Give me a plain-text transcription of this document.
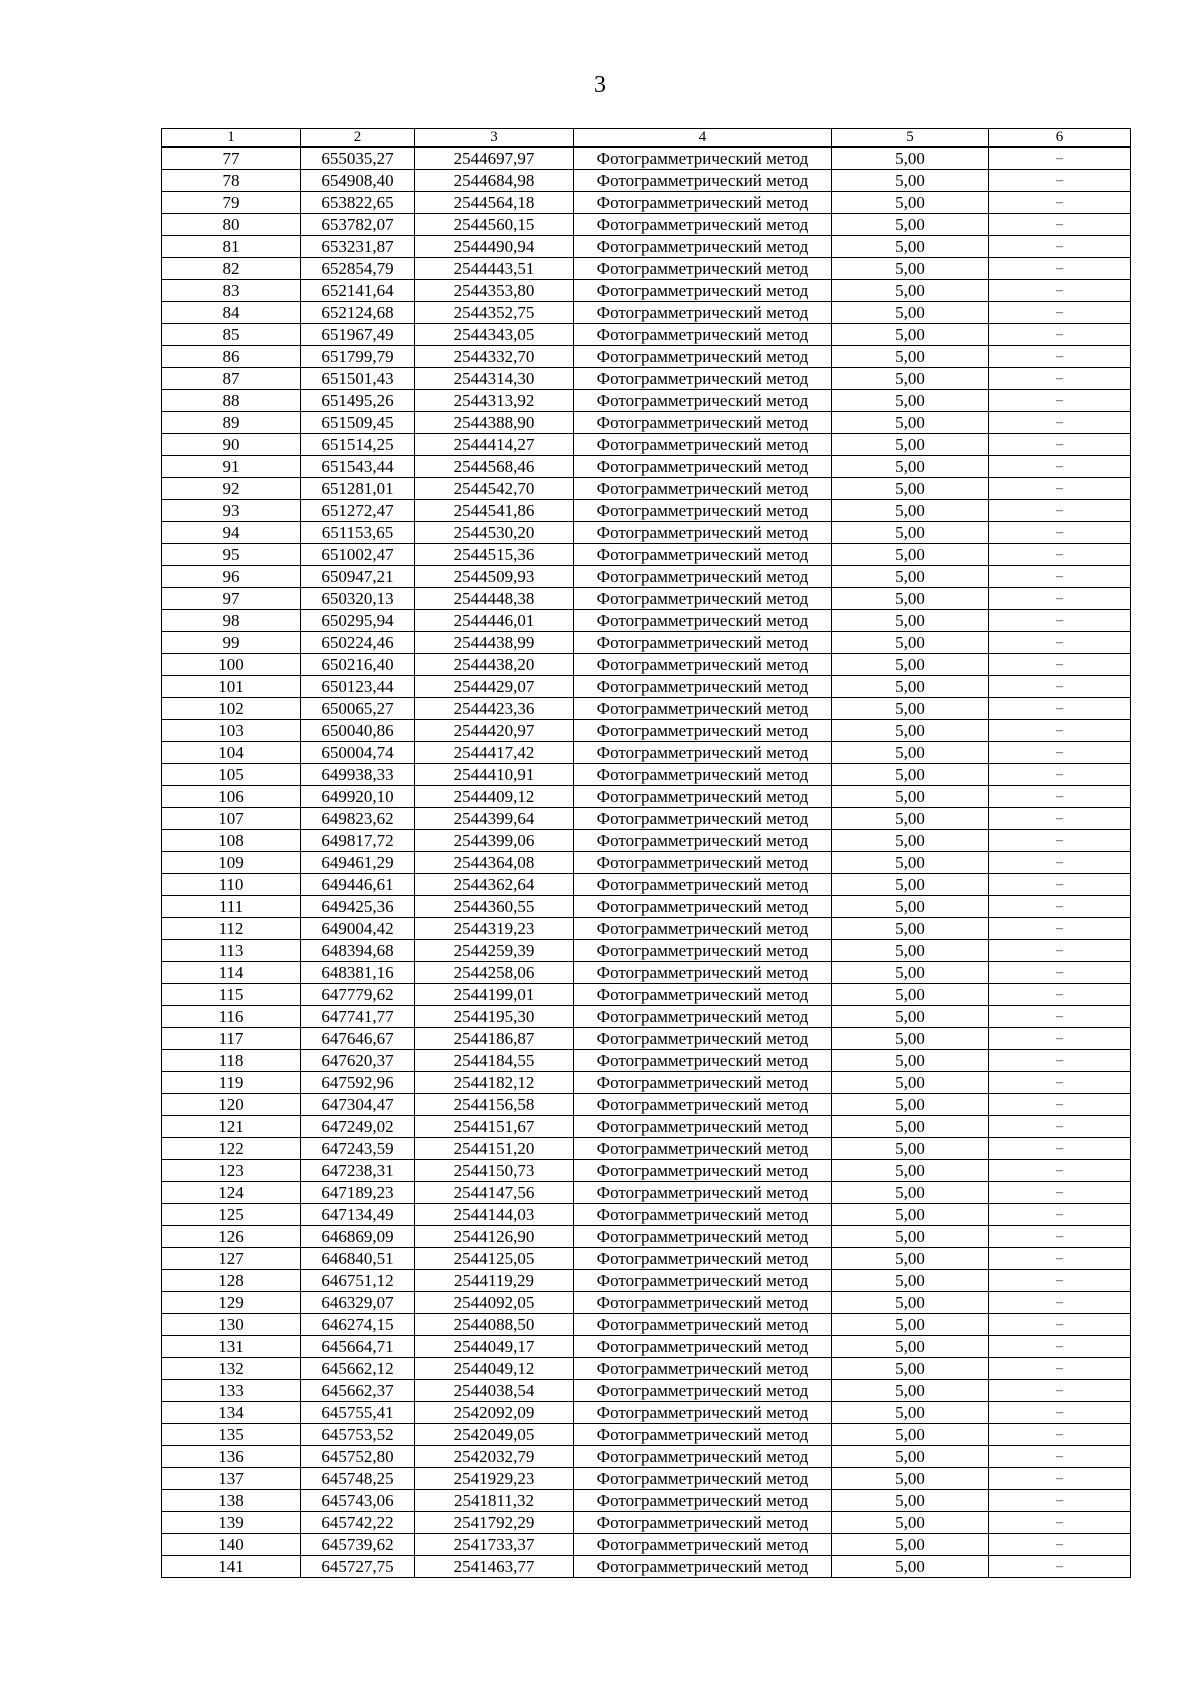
3
1	2	3	4	5	6
77	655035,27	2544697,97	Фотограмметрический метод	5,00	–
78	654908,40	2544684,98	Фотограмметрический метод	5,00	–
79	653822,65	2544564,18	Фотограмметрический метод	5,00	–
80	653782,07	2544560,15	Фотограмметрический метод	5,00	–
81	653231,87	2544490,94	Фотограмметрический метод	5,00	–
82	652854,79	2544443,51	Фотограмметрический метод	5,00	–
83	652141,64	2544353,80	Фотограмметрический метод	5,00	–
84	652124,68	2544352,75	Фотограмметрический метод	5,00	–
85	651967,49	2544343,05	Фотограмметрический метод	5,00	–
86	651799,79	2544332,70	Фотограмметрический метод	5,00	–
87	651501,43	2544314,30	Фотограмметрический метод	5,00	–
88	651495,26	2544313,92	Фотограмметрический метод	5,00	–
89	651509,45	2544388,90	Фотограмметрический метод	5,00	–
90	651514,25	2544414,27	Фотограмметрический метод	5,00	–
91	651543,44	2544568,46	Фотограмметрический метод	5,00	–
92	651281,01	2544542,70	Фотограмметрический метод	5,00	–
93	651272,47	2544541,86	Фотограмметрический метод	5,00	–
94	651153,65	2544530,20	Фотограмметрический метод	5,00	–
95	651002,47	2544515,36	Фотограмметрический метод	5,00	–
96	650947,21	2544509,93	Фотограмметрический метод	5,00	–
97	650320,13	2544448,38	Фотограмметрический метод	5,00	–
98	650295,94	2544446,01	Фотограмметрический метод	5,00	–
99	650224,46	2544438,99	Фотограмметрический метод	5,00	–
100	650216,40	2544438,20	Фотограмметрический метод	5,00	–
101	650123,44	2544429,07	Фотограмметрический метод	5,00	–
102	650065,27	2544423,36	Фотограмметрический метод	5,00	–
103	650040,86	2544420,97	Фотограмметрический метод	5,00	–
104	650004,74	2544417,42	Фотограмметрический метод	5,00	–
105	649938,33	2544410,91	Фотограмметрический метод	5,00	–
106	649920,10	2544409,12	Фотограмметрический метод	5,00	–
107	649823,62	2544399,64	Фотограмметрический метод	5,00	–
108	649817,72	2544399,06	Фотограмметрический метод	5,00	–
109	649461,29	2544364,08	Фотограмметрический метод	5,00	–
110	649446,61	2544362,64	Фотограмметрический метод	5,00	–
111	649425,36	2544360,55	Фотограмметрический метод	5,00	–
112	649004,42	2544319,23	Фотограмметрический метод	5,00	–
113	648394,68	2544259,39	Фотограмметрический метод	5,00	–
114	648381,16	2544258,06	Фотограмметрический метод	5,00	–
115	647779,62	2544199,01	Фотограмметрический метод	5,00	–
116	647741,77	2544195,30	Фотограмметрический метод	5,00	–
117	647646,67	2544186,87	Фотограмметрический метод	5,00	–
118	647620,37	2544184,55	Фотограмметрический метод	5,00	–
119	647592,96	2544182,12	Фотограмметрический метод	5,00	–
120	647304,47	2544156,58	Фотограмметрический метод	5,00	–
121	647249,02	2544151,67	Фотограмметрический метод	5,00	–
122	647243,59	2544151,20	Фотограмметрический метод	5,00	–
123	647238,31	2544150,73	Фотограмметрический метод	5,00	–
124	647189,23	2544147,56	Фотограмметрический метод	5,00	–
125	647134,49	2544144,03	Фотограмметрический метод	5,00	–
126	646869,09	2544126,90	Фотограмметрический метод	5,00	–
127	646840,51	2544125,05	Фотограмметрический метод	5,00	–
128	646751,12	2544119,29	Фотограмметрический метод	5,00	–
129	646329,07	2544092,05	Фотограмметрический метод	5,00	–
130	646274,15	2544088,50	Фотограмметрический метод	5,00	–
131	645664,71	2544049,17	Фотограмметрический метод	5,00	–
132	645662,12	2544049,12	Фотограмметрический метод	5,00	–
133	645662,37	2544038,54	Фотограмметрический метод	5,00	–
134	645755,41	2542092,09	Фотограмметрический метод	5,00	–
135	645753,52	2542049,05	Фотограмметрический метод	5,00	–
136	645752,80	2542032,79	Фотограмметрический метод	5,00	–
137	645748,25	2541929,23	Фотограмметрический метод	5,00	–
138	645743,06	2541811,32	Фотограмметрический метод	5,00	–
139	645742,22	2541792,29	Фотограмметрический метод	5,00	–
140	645739,62	2541733,37	Фотограмметрический метод	5,00	–
141	645727,75	2541463,77	Фотограмметрический метод	5,00	–
